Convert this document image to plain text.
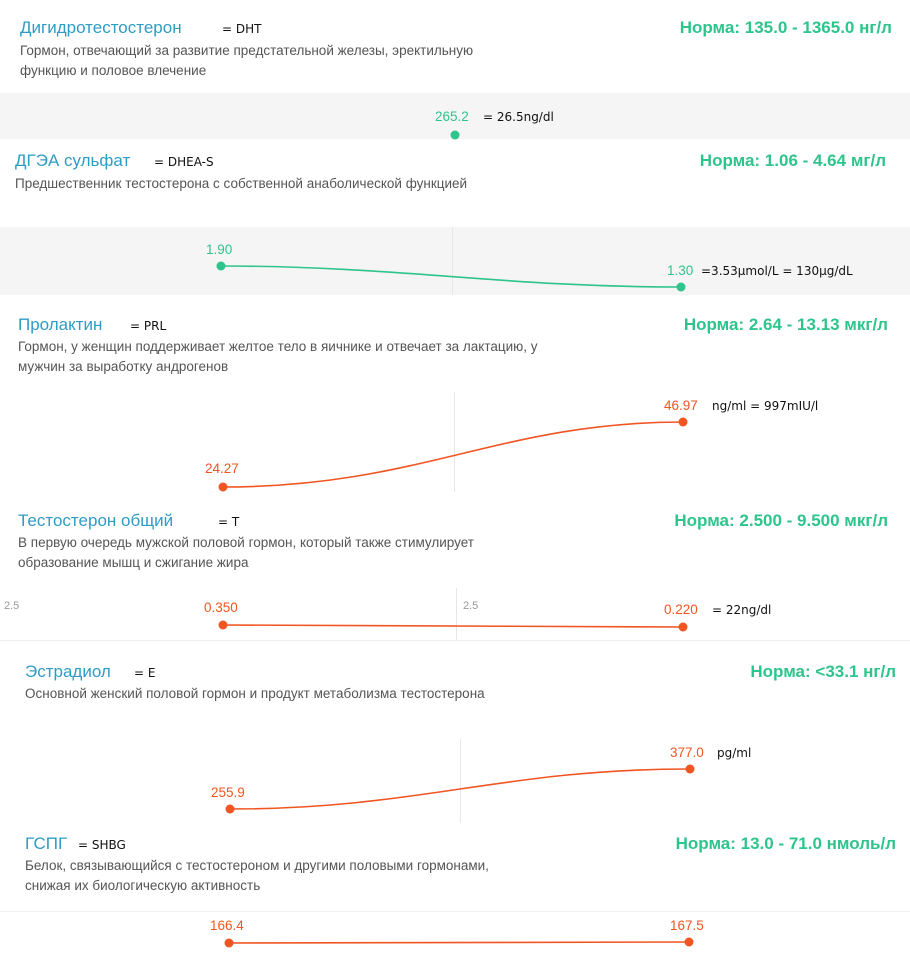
Дигидротестостерон	= DHT	Норма: 135.0 - 1365.0 нг/л
Гормон, отвечающий за развитие предстательной железы, эректильную функцию и половое влечение
265.2 = 26.5ng/dl
ДГЭА сульфат = DHEA-S	Норма: 1.06 - 4.64 мг/л
Предшественник тестостерона с собственной анаболической функцией
1.90
1.30 =3.53µmol/L = 130µg/dL
Пролактин = PRL	Норма: 2.64 - 13.13 мкг/л
Гормон, у женщин поддерживает желтое тело в яичнике и отвечает за лактацию, у мужчин за выработку андрогенов
24.27
46.97 ng/ml = 997mIU/l
Тестостерон общий	= T	Норма: 2.500 - 9.500 мкг/л
В первую очередь мужской половой гормон, который также стимулирует образование мышц и сжигание жира
2.5	2.5
0.350	0.220 = 22ng/dl
Эстрадиол = E	Норма: <33.1 нг/л
Основной женский половой гормон и продукт метаболизма тестостерона
255.9
377.0 pg/ml
ГСПГ = SHBG	Норма: 13.0 - 71.0 нмоль/л
Белок, связывающийся с тестостероном и другими половыми гормонами, снижая их биологическую активность
166.4	167.5
